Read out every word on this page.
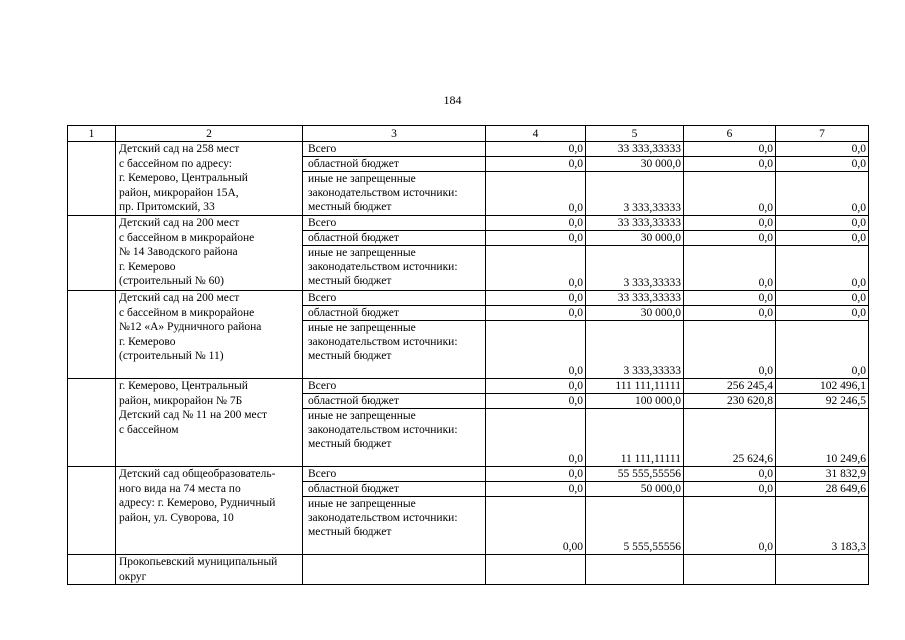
184
1	2	3	4	5	6	7

	Детский сад на 258 мест
с бассейном по адресу:
г. Кемерово, Центральный
район, микрорайон 15А,
пр. Притомский, 33	Всего	0,0	33 333,33333	0,0	0,0
		областной бюджет	0,0	30 000,0	0,0	0,0

		иные не запрещенные
законодательством источники:
местный бюджет	0,0	3 333,33333	0,0	0,0

	Детский сад на 200 мест
с бассейном в микрорайоне
№ 14 Заводского района
г. Кемерово
(строительный № 60)	Всего	0,0	33 333,33333	0,0	0,0
		областной бюджет	0,0	30 000,0	0,0	0,0

		иные не запрещенные
законодательством источники:
местный бюджет	0,0	3 333,33333	0,0	0,0

	Детский сад на 200 мест
с бассейном в микрорайоне
№12 «А» Рудничного района
г. Кемерово
(строительный № 11)	Всего	0,0	33 333,33333	0,0	0,0
		областной бюджет	0,0	30 000,0	0,0	0,0

		иные не запрещенные
законодательством источники:
местный бюджет	0,0	3 333,33333	0,0	0,0

	г. Кемерово, Центральный
район, микрорайон № 7Б
Детский сад № 11 на 200 мест
с бассейном	Всего	0,0	111 111,11111	256 245,4	102 496,1
		областной бюджет	0,0	100 000,0	230 620,8	92 246,5

		иные не запрещенные
законодательством источники:
местный бюджет	0,0	11 111,11111	25 624,6	10 249,6

	Детский сад общеобразователь-
ного вида на 74 места по
адресу: г. Кемерово, Рудничный
район, ул. Суворова, 10	Всего	0,0	55 555,55556	0,0	31 832,9
		областной бюджет	0,0	50 000,0	0,0	28 649,6

		иные не запрещенные
законодательством источники:
местный бюджет	0,00	5 555,55556	0,0	3 183,3

	Прокопьевский муниципальный
округ					
